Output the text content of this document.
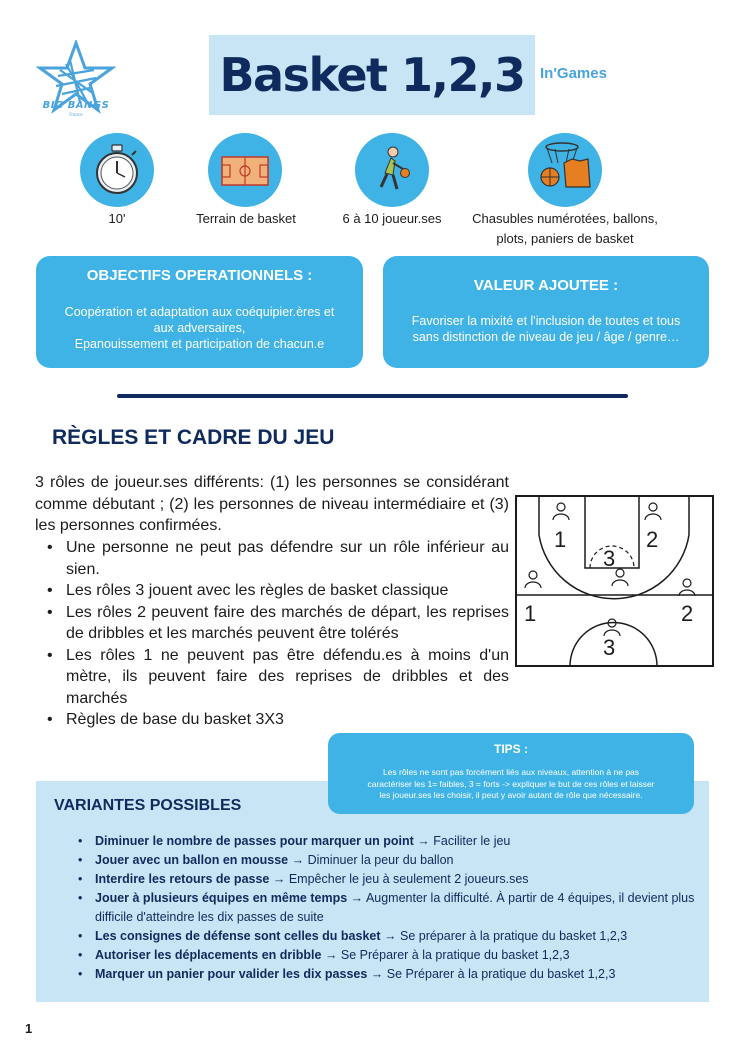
BIG BANGS
France
Basket 1,2,3	In'Games
10'	Terrain de basket	6 à 10 joueur.ses	Chasubles numérotées, ballons, plots, paniers de basket
OBJECTIFS OPERATIONNELS :
Coopération et adaptation aux coéquipier.ères et
aux adversaires,
Epanouissement et participation de chacun.e
VALEUR AJOUTEE :
Favoriser la mixité et l'inclusion de toutes et tous
sans distinction de niveau de jeu / âge / genre…
RÈGLES ET CADRE DU JEU
3 rôles de joueur.ses différents: (1) les personnes se considérant comme débutant ; (2) les personnes de niveau intermédiaire et (3) les personnes confirmées.
• Une personne ne peut pas défendre sur un rôle inférieur au sien.
• Les rôles 3 jouent avec les règles de basket classique
• Les rôles 2 peuvent faire des marchés de départ, les reprises de dribbles et les marchés peuvent être tolérés
• Les rôles 1 ne peuvent pas être défendu.es à moins d'un mètre, ils peuvent faire des reprises de dribbles et des marchés
• Règles de base du basket 3X3
1	2
3
1	2
3
VARIANTES POSSIBLES
• Diminuer le nombre de passes pour marquer un point → Faciliter le jeu
• Jouer avec un ballon en mousse → Diminuer la peur du ballon
• Interdire les retours de passe → Empêcher le jeu à seulement 2 joueurs.ses
• Jouer à plusieurs équipes en même temps → Augmenter la difficulté. À partir de 4 équipes, il devient plus difficile d'atteindre les dix passes de suite
• Les consignes de défense sont celles du basket → Se préparer à la pratique du basket 1,2,3
• Autoriser les déplacements en dribble → Se Préparer à la pratique du basket 1,2,3
• Marquer un panier pour valider les dix passes → Se Préparer à la pratique du basket 1,2,3
TIPS :
Les rôles ne sont pas forcément liés aux niveaux, attention à ne pas
caractériser les 1= faibles, 3 = forts -> expliquer le but de ces rôles et laisser
les joueur.ses les choisir, il peut y avoir autant de rôle que nécessaire.
1
